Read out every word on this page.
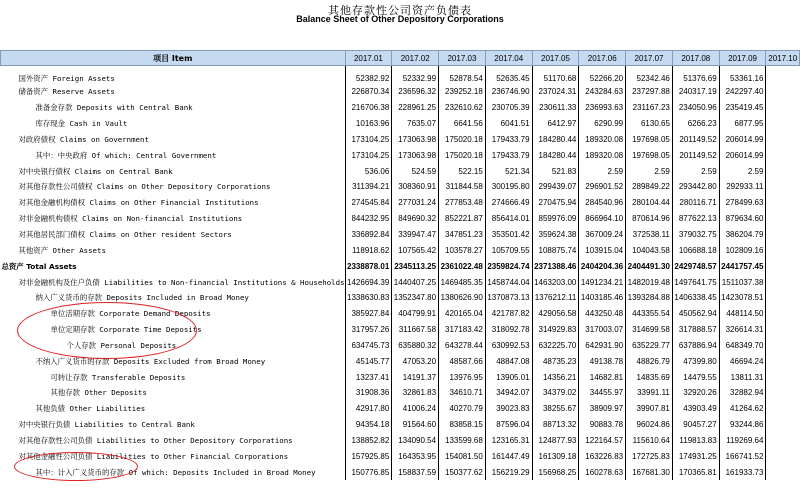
其他存款性公司资产负债表
Balance Sheet of Other Depository Corporations
项目 Item	2017.01	2017.02	2017.03	2017.04	2017.05	2017.06	2017.07	2017.08	2017.09	2017.10
国外资产 Foreign Assets	52382.92	52332.99	52878.54	52635.45	51170.68	52266.20	52342.46	51376.69	53361.16	
储备资产 Reserve Assets	226870.34	236596.32	239252.18	236746.90	237024.31	243284.63	237297.88	240317.19	242297.40	
准备金存款 Deposits with Central Bank	216706.38	228961.25	232610.62	230705.39	230611.33	236993.63	231167.23	234050.96	235419.45	
库存现金 Cash in Vault	10163.96	7635.07	6641.56	6041.51	6412.97	6290.99	6130.65	6266.23	6877.95	
对政府债权 Claims on Government	173104.25	173063.98	175020.18	179433.79	184280.44	189320.08	197698.05	201149.52	206014.99	
其中：中央政府 Of which: Central Government	173104.25	173063.98	175020.18	179433.79	184280.44	189320.08	197698.05	201149.52	206014.99	
对中央银行债权 Claims on Central Bank	536.06	524.59	522.15	521.34	521.83	2.59	2.59	2.59	2.59	
对其他存款性公司债权 Claims on Other Depository Corporations	311394.21	308360.91	311844.58	300195.80	299439.07	296901.52	289849.22	293442.80	292933.11	
对其他金融机构债权 Claims on Other Financial Institutions	274545.84	277031.24	277853.48	274666.49	270475.94	284540.96	280104.44	280116.71	278499.63	
对非金融机构债权 Claims on Non-financial Institutions	844232.95	849690.32	852221.87	856414.01	859976.09	866964.10	870614.96	877622.13	879634.60	
对其他居民部门债权 Claims on Other resident Sectors	336892.84	339947.47	347851.23	353501.42	359624.38	367009.24	372538.11	379032.75	386204.79	
其他资产 Other Assets	118918.62	107565.42	103578.27	105709.55	108875.74	103915.04	104043.58	106688.18	102809.16	
总资产 Total Assets	2338878.01	2345113.25	2361022.48	2359824.74	2371388.46	2404204.36	2404491.30	2429748.57	2441757.45	
对非金融机构及住户负债 Liabilities to Non-financial Institutions & Households	1426694.39	1440407.25	1469485.35	1458744.04	1463203.00	1491234.21	1482019.48	1497641.75	1511037.38	
纳入广义货币的存款 Deposits Included in Broad Money	1338630.83	1352347.80	1380626.90	1370873.13	1376212.11	1403185.46	1393284.88	1406338.45	1423078.51	
单位活期存款 Corporate Demand Deposits	385927.84	404799.91	420165.04	421787.82	429056.58	443250.48	443355.54	450562.94	448114.50	
单位定期存款 Corporate Time Deposits	317957.26	311667.58	317183.42	318092.78	314929.83	317003.07	314699.58	317888.57	326614.31	
个人存款 Personal Deposits	634745.73	635880.32	643278.44	630992.53	632225.70	642931.90	635229.77	637886.94	648349.70	
不纳入广义货币的存款 Deposits Excluded from Broad Money	45145.77	47053.20	48587.66	48847.08	48735.23	49138.78	48826.79	47399.80	46694.24	
可转让存款 Transferable Deposits	13237.41	14191.37	13976.95	13905.01	14356.21	14682.81	14835.69	14479.55	13811.31	
其他存款 Other Deposits	31908.36	32861.83	34610.71	34942.07	34379.02	34455.97	33991.11	32920.26	32882.94	
其他负债 Other Liabilities	42917.80	41006.24	40270.79	39023.83	38255.67	38909.97	39907.81	43903.49	41264.62	
对中央银行负债 Liabilities to Central Bank	94354.18	91564.60	83858.15	87596.04	88713.32	90883.78	96024.86	90457.27	93244.86	
对其他存款性公司负债 Liabilities to Other Depository Corporations	138852.82	134090.54	133599.68	123165.31	124877.93	122164.57	115610.64	119813.83	119269.64	
对其他金融性公司负债 Liabilities to Other Financial Corporations	157925.85	164353.95	154081.50	161447.49	161309.18	163226.83	172725.83	174931.25	166741.52	
其中：计入广义货币的存款 Of which: Deposits Included in Broad Money	150776.85	158837.59	150377.62	156219.29	156968.25	160278.63	167681.30	170365.81	161933.73	
